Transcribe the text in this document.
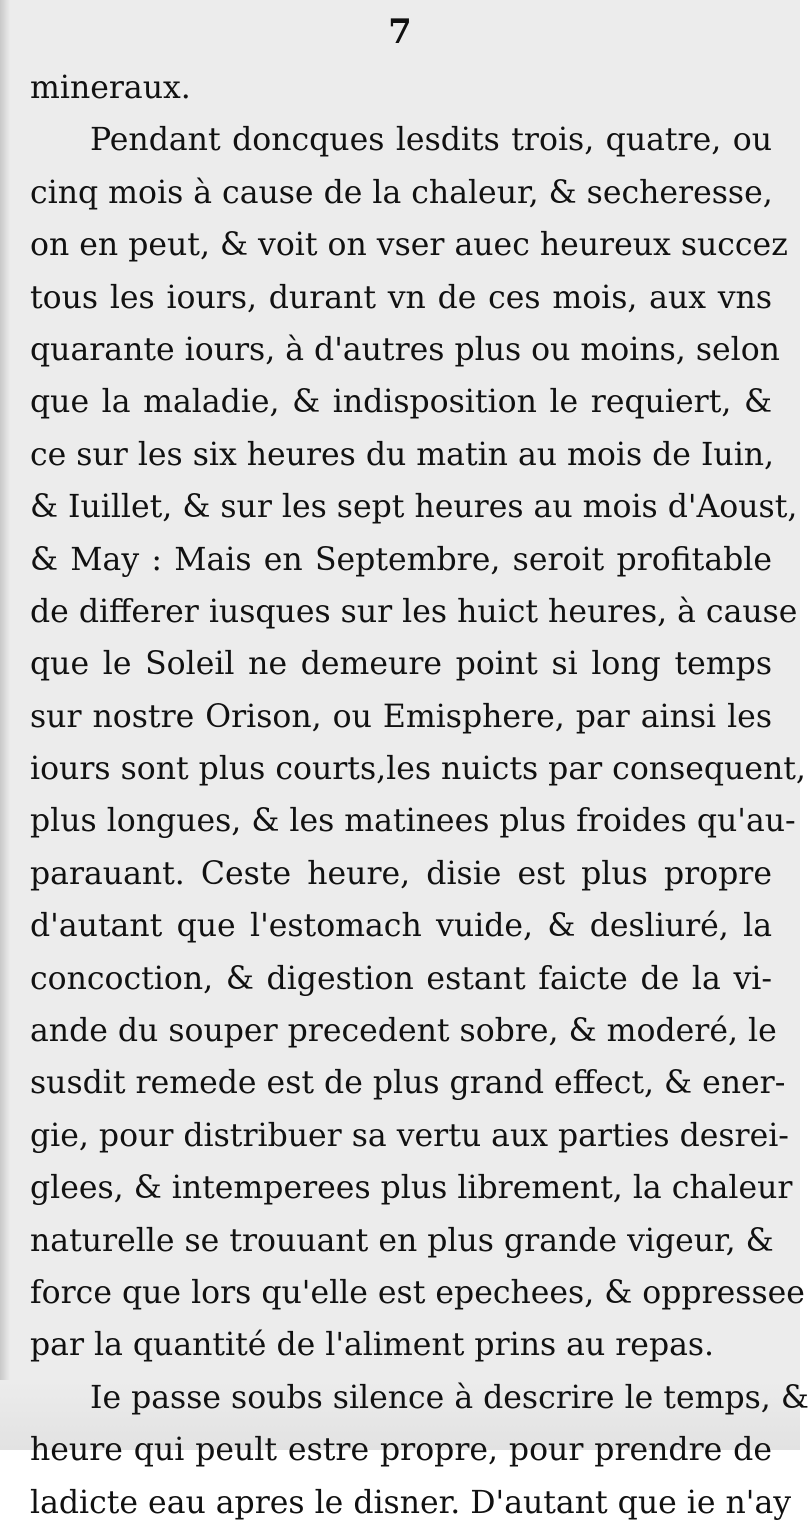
7
mineraux.
Pendant doncques lesdits trois, quatre, ou
cinq mois à cause de la chaleur, & secheresse,
on en peut, & voit on vser auec heureux succez
tous les iours, durant vn de ces mois, aux vns
quarante iours, à d'autres plus ou moins, selon
que la maladie, & indisposition le requiert, &
ce sur les six heures du matin au mois de Iuin,
& Iuillet, & sur les sept heures au mois d'Aoust,
& May : Mais en Septembre, seroit profitable
de differer iusques sur les huict heures, à cause
que le Soleil ne demeure point si long temps
sur nostre Orison, ou Emisphere, par ainsi les
iours sont plus courts,les nuicts par consequent,
plus longues, & les matinees plus froides qu'au-
parauant. Ceste heure, disie est plus propre
d'autant que l'estomach vuide, & desliuré, la
concoction, & digestion estant faicte de la vi-
ande du souper precedent sobre, & moderé, le
susdit remede est de plus grand effect, & ener-
gie, pour distribuer sa vertu aux parties desrei-
glees, & intemperees plus librement, la chaleur
naturelle se trouuant en plus grande vigeur, &
force que lors qu'elle est epechees, & oppressee
par la quantité de l'aliment prins au repas.
Ie passe soubs silence à descrire le temps, &
heure qui peult estre propre, pour prendre de
ladicte eau apres le disner. D'autant que ie n'ay
